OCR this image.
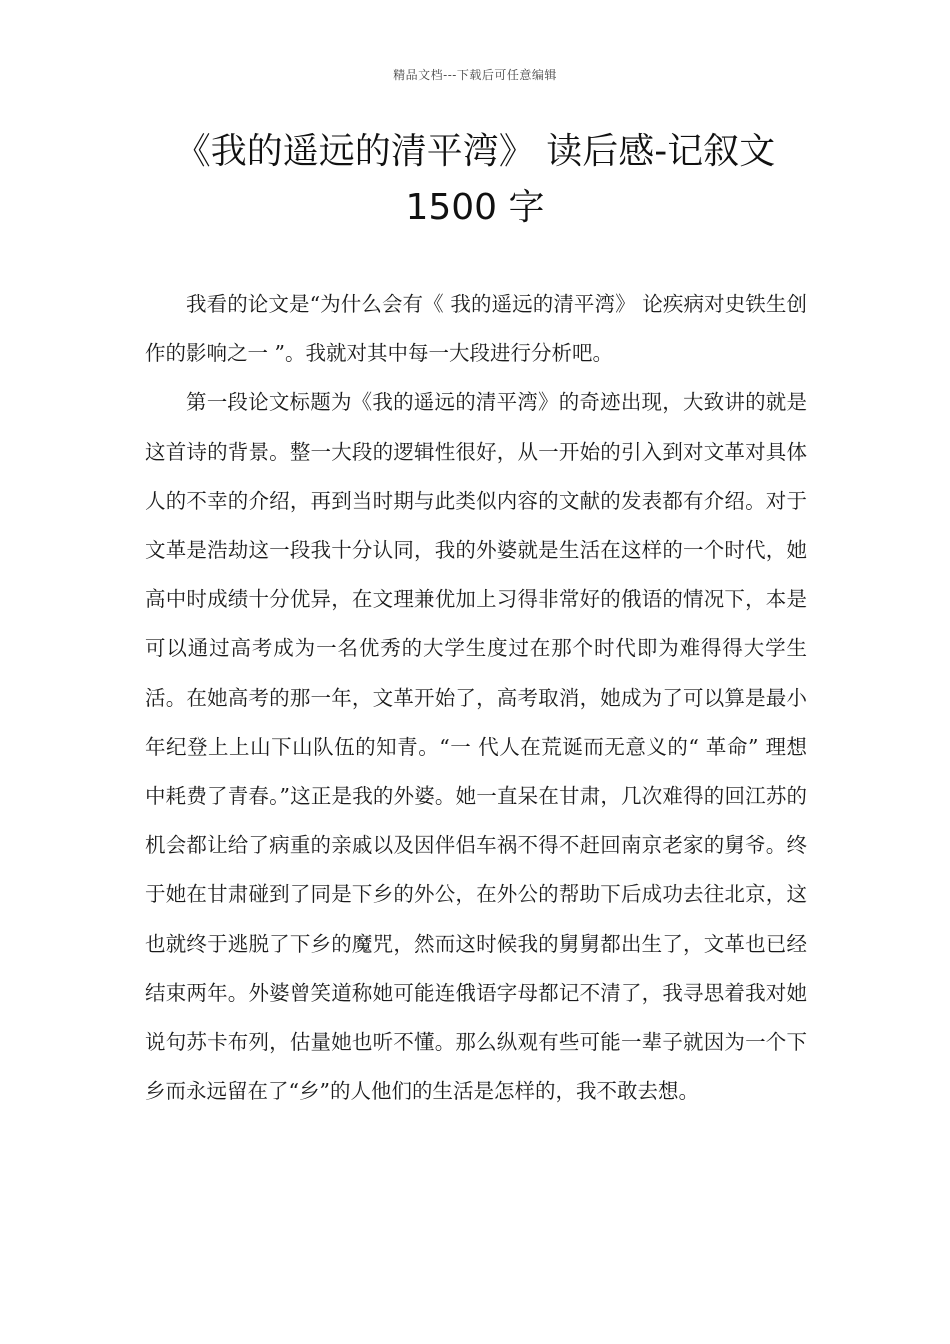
精品文档---下载后可任意编辑
《我的遥远的清平湾》 读后感-记叙文
1500 字

我看的论文是“为什么会有《 我的遥远的清平湾》 论疾病对史铁生创作的影响之一 ”。我就对其中每一大段进行分析吧。

第一段论文标题为《我的遥远的清平湾》的奇迹出现，大致讲的就是这首诗的背景。整一大段的逻辑性很好，从一开始的引入到对文革对具体人的不幸的介绍，再到当时期与此类似内容的文献的发表都有介绍。对于文革是浩劫这一段我十分认同，我的外婆就是生活在这样的一个时代，她高中时成绩十分优异，在文理兼优加上习得非常好的俄语的情况下，本是可以通过高考成为一名优秀的大学生度过在那个时代即为难得得大学生活。在她高考的那一年，文革开始了，高考取消，她成为了可以算是最小年纪登上上山下山队伍的知青。“一 代人在荒诞而无意义的“ 革命” 理想中耗费了青春。”这正是我的外婆。她一直呆在甘肃，几次难得的回江苏的机会都让给了病重的亲戚以及因伴侣车祸不得不赶回南京老家的舅爷。终于她在甘肃碰到了同是下乡的外公，在外公的帮助下后成功去往北京，这也就终于逃脱了下乡的魔咒，然而这时候我的舅舅都出生了，文革也已经结束两年。外婆曾笑道称她可能连俄语字母都记不清了，我寻思着我对她说句苏卡布列，估量她也听不懂。那么纵观有些可能一辈子就因为一个下乡而永远留在了“乡”的人他们的生活是怎样的，我不敢去想。
